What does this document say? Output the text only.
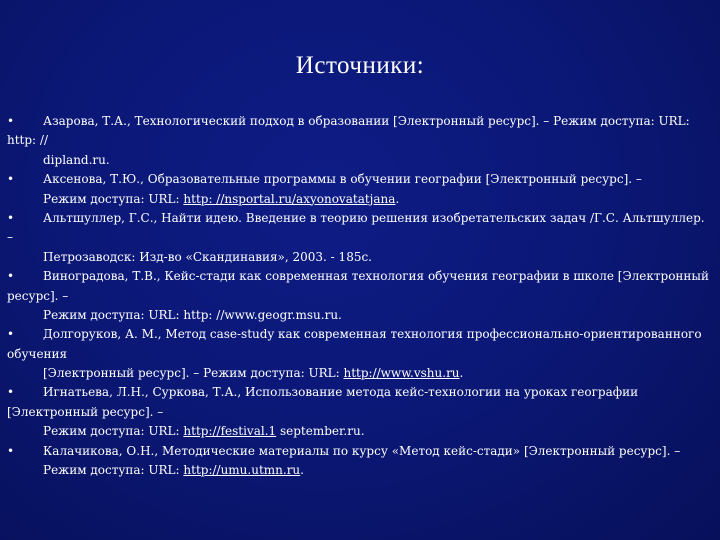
Источники:
• Азарова, Т.А., Технологический подход в образовании [Электронный ресурс]. – Режим доступа: URL:
http: //
dipland.ru.
• Аксенова, Т.Ю., Образовательные программы в обучении географии [Электронный ресурс]. –
Режим доступа: URL: http: //nsportal.ru/axyonovatatjana.
• Альтшуллер, Г.С., Найти идею. Введение в теорию решения изобретательских задач /Г.С. Альтшуллер.
–
Петрозаводск: Изд-во «Скандинавия», 2003. - 185с.
• Виноградова, Т.В., Кейс-стади как современная технология обучения географии в школе [Электронный
ресурс]. –
Режим доступа: URL: http: //www.geogr.msu.ru.
• Долгоруков, А. М., Метод case-study как современная технология профессионально-ориентированного
обучения
[Электронный ресурс]. – Режим доступа: URL: http://www.vshu.ru.
• Игнатьева, Л.Н., Суркова, Т.А., Использование метода кейс-технологии на уроках географии
[Электронный ресурс]. –
Режим доступа: URL: http://festival.1 september.ru.
• Калачикова, О.Н., Методические материалы по курсу «Метод кейс-стади» [Электронный ресурс]. –
Режим доступа: URL: http://umu.utmn.ru.
